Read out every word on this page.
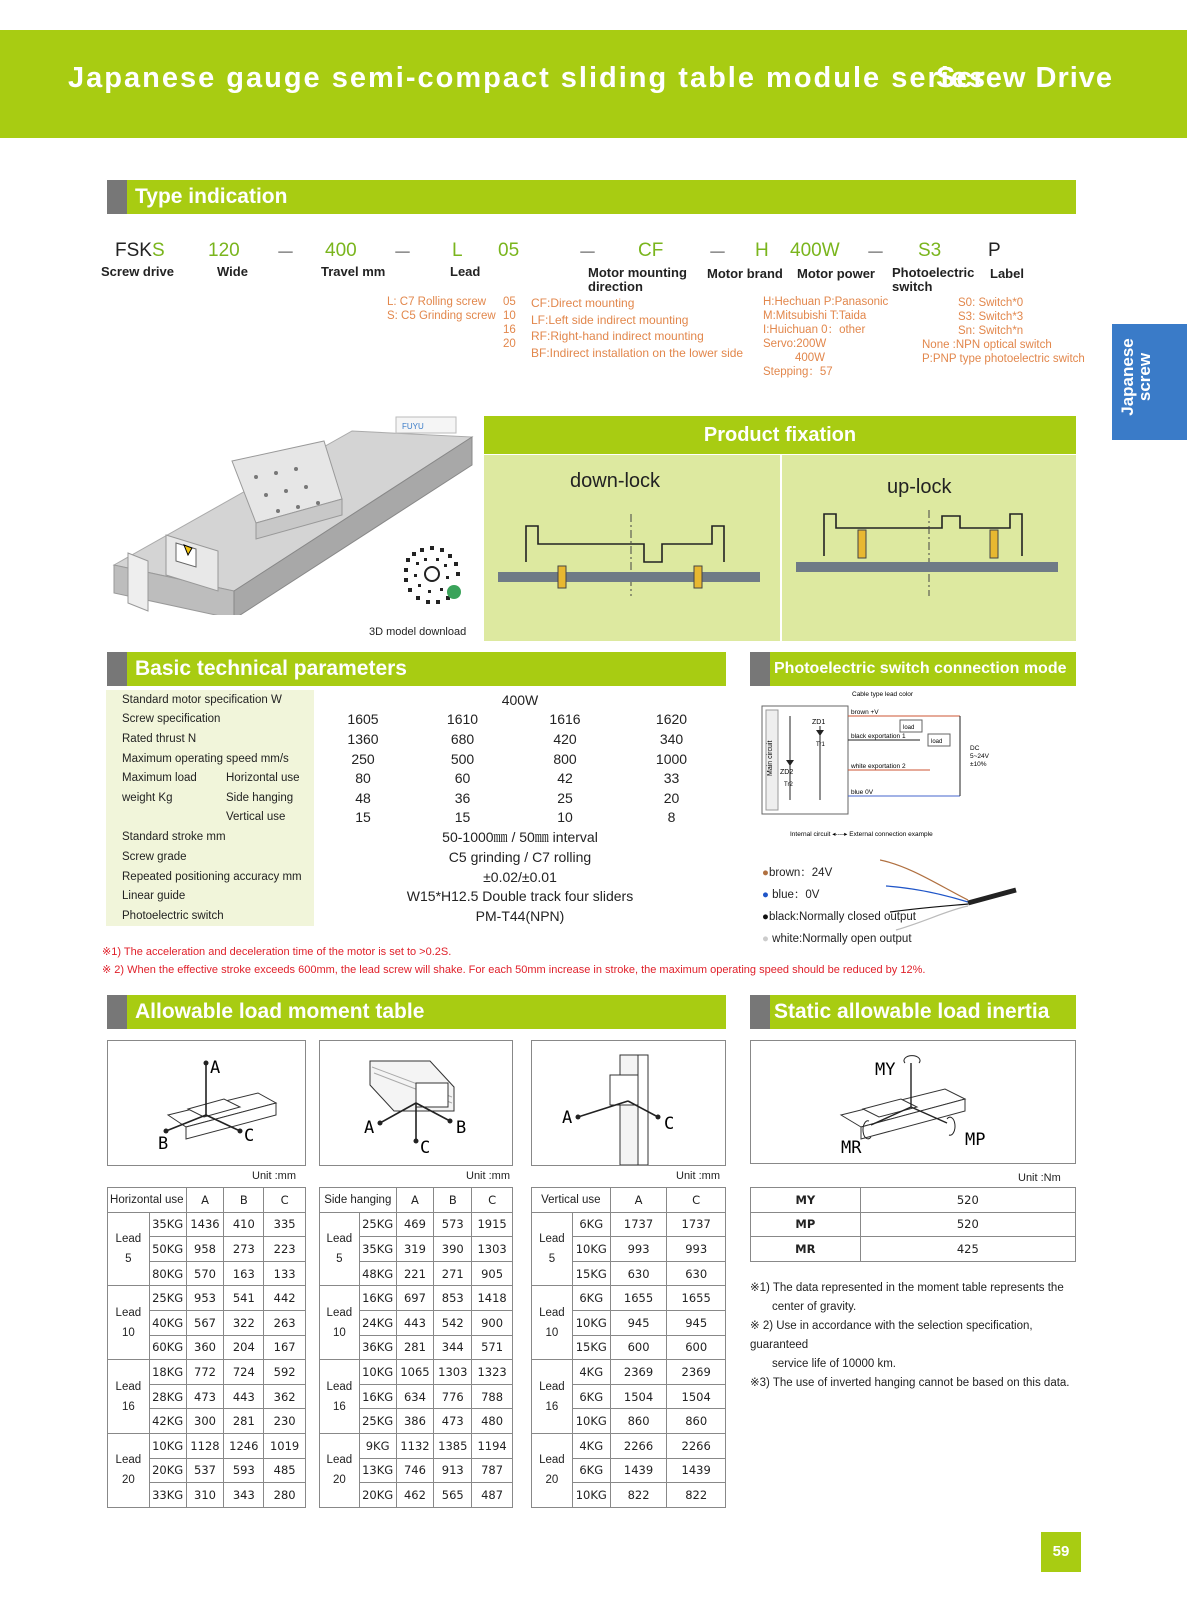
Japanese gauge semi-compact sliding table module series
Screw Drive
Japanese screw
Type indication
FSKS 120 － 400 － L 05	－ CF － H 400W － S3 P
Screw drive	Wide	Travel mm	Lead	Motor mounting direction
Motor brand Motor power Photoelectric switch
Label
L: C7 Rolling screw
S: C5 Grinding screw
05
10
16
20
CF:Direct mounting
LF:Left side indirect mounting
RF:Right-hand indirect mounting
BF:Indirect installation on the lower side
H:Hechuan P:Panasonic
M:Mitsubishi T:Taida
I:Huichuan 0：other
Servo:200W
400W
Stepping：57
S0: Switch*0
S3: Switch*3
Sn: Switch*n
None :NPN optical switch
P:PNP type photoelectric switch
FUYU
3D model download
Product fixation
down-lock	up-lock
Basic technical parameters
Standard motor specification W		400W			
Screw specification		1605	1610	1616	1620
Rated thrust N		1360	680	420	340
Maximum operating speed mm/s		250	500	800	1000
Maximum load	Horizontal use	80	60	42	33
weight Kg	Side hanging	48	36	25	20
	Vertical use	15	15	10	8
Standard stroke mm		50-1000㎜ / 50㎜ interval			
Screw grade		C5 grinding / C7 rolling			
Repeated positioning accuracy mm		±0.02/±0.01			
Linear guide		W15*H12.5 Double track four sliders			
Photoelectric switch		PM-T44(NPN)			
※1) The acceleration and deceleration time of the motor is set to >0.2S.
※ 2) When the effective stroke exceeds 600mm, the lead screw will shake. For each 50mm increase in stroke, the maximum operating speed should be reduced by 12%.
Photoelectric switch connection mode
Main circuit
Cable type lead color
brown +V
black exportation 1
white exportation 2
blue 0V
ZD1
ZD2
Tr1
Tr2
load
load
DC
5~24V
±10%
Internal circuit ◂----▸ External connection example
●brown：24V
● blue：0V
●black:Normally closed output
● white:Normally open output
Allowable load moment table
A
B	C	A	B
C
A	C
Unit :mm	Unit :mm	Unit :mm
Horizontal use		A	B	C
Lead
5	35KG	1436	410	335
	50KG	958	273	223
	80KG	570	163	133
Lead
10	25KG	953	541	442
	40KG	567	322	263
	60KG	360	204	167
Lead
16	18KG	772	724	592
	28KG	473	443	362
	42KG	300	281	230
Lead
20	10KG	1128	1246	1019
	20KG	537	593	485
	33KG	310	343	280
Side hanging		A	B	C
Lead
5	25KG	469	573	1915
	35KG	319	390	1303
	48KG	221	271	905
Lead
10	16KG	697	853	1418
	24KG	443	542	900
	36KG	281	344	571
Lead
16	10KG	1065	1303	1323
	16KG	634	776	788
	25KG	386	473	480
Lead
20	9KG	1132	1385	1194
	13KG	746	913	787
	20KG	462	565	487
Vertical use		A	C
Lead
5	6KG	1737	1737
	10KG	993	993
	15KG	630	630
Lead
10	6KG	1655	1655
	10KG	945	945
	15KG	600	600
Lead
16	4KG	2369	2369
	6KG	1504	1504
	10KG	860	860
Lead
20	4KG	2266	2266
	6KG	1439	1439
	10KG	822	822
Static allowable load inertia
MY
MR	MP
Unit :Nm
MY	520
MP	520
MR	425
※1) The data represented in the moment table represents the
center of gravity.
※ 2) Use in accordance with the selection specification, guaranteed
service life of 10000 km.
※3) The use of inverted hanging cannot be based on this data.
59
